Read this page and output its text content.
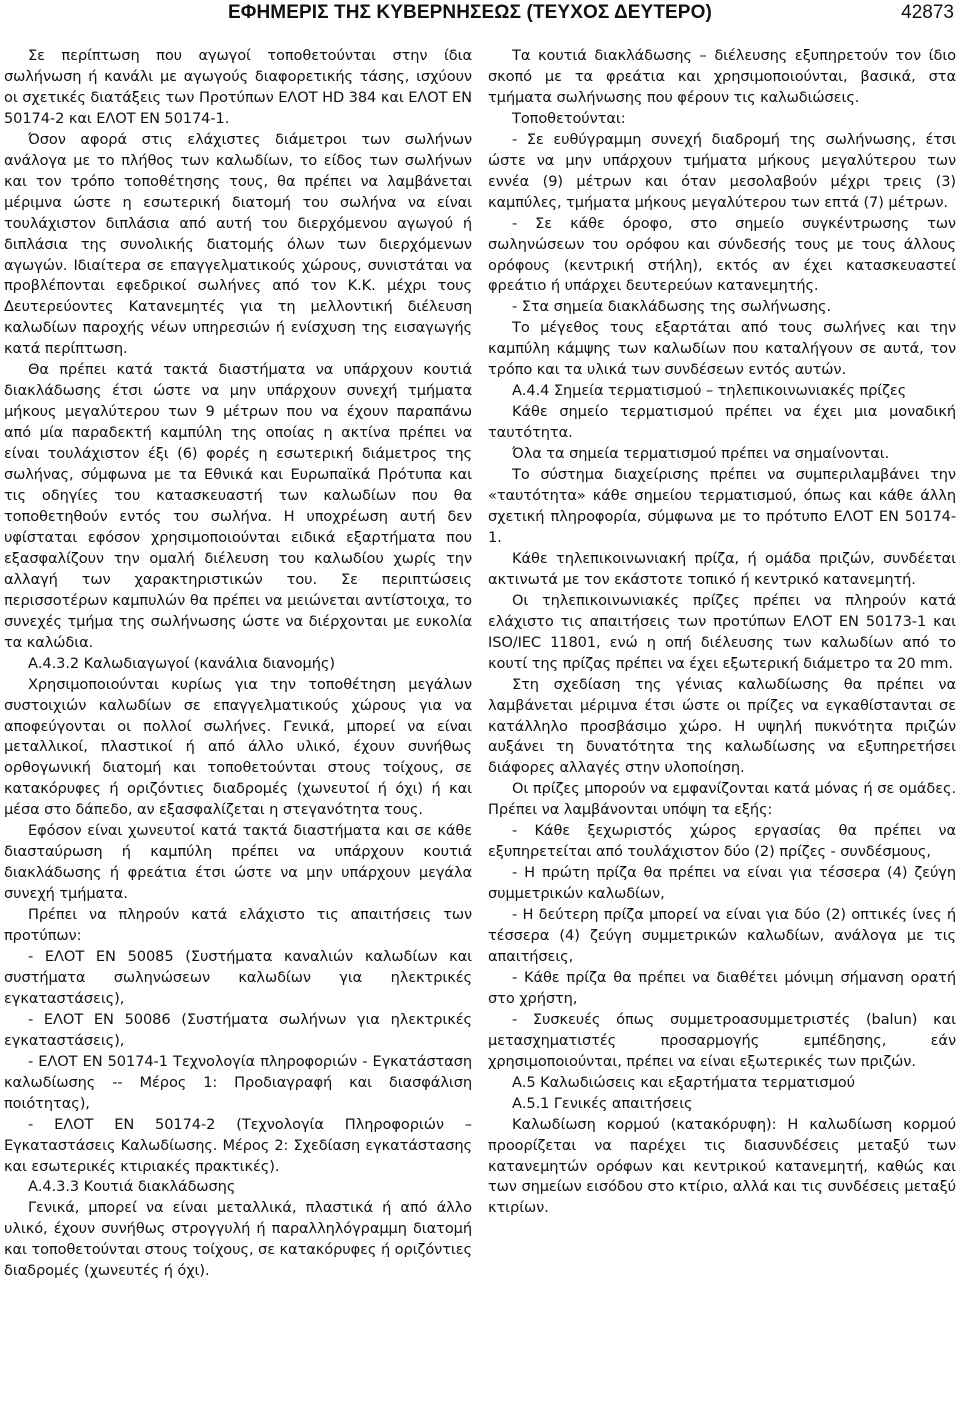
ΕΦΗΜΕΡΙΣ ΤΗΣ ΚΥΒΕΡΝΗΣΕΩΣ (ΤΕΥΧΟΣ ΔΕΥΤΕΡΟ)	42873

Σε περίπτωση που αγωγοί τοποθετούνται στην ίδια σωλήνωση ή κανάλι με αγωγούς διαφορετικής τάσης, ισχύουν οι σχετικές διατάξεις των Προτύπων ΕΛΟΤ HD 384 και ΕΛΟΤ EN 50174-2 και ΕΛΟΤ EN 50174-1.

Όσον αφορά στις ελάχιστες διάμετροι των σωλήνων ανάλογα με το πλήθος των καλωδίων, το είδος των σωλήνων και τον τρόπο τοποθέτησης τους, θα πρέπει να λαμβάνεται μέριμνα ώστε η εσωτερική διατομή του σωλήνα να είναι τουλάχιστον διπλάσια από αυτή του διερχόμενου αγωγού ή διπλάσια της συνολικής διατομής όλων των διερχόμενων αγωγών. Ιδιαίτερα σε επαγγελματικούς χώρους, συνιστάται να προβλέπονται εφεδρικοί σωλήνες από τον Κ.Κ. μέχρι τους Δευτερεύοντες Κατανεμητές για τη μελλοντική διέλευση καλωδίων παροχής νέων υπηρεσιών ή ενίσχυση της εισαγωγής κατά περίπτωση.

Θα πρέπει κατά τακτά διαστήματα να υπάρχουν κουτιά διακλάδωσης έτσι ώστε να μην υπάρχουν συνεχή τμήματα μήκους μεγαλύτερου των 9 μέτρων που να έχουν παραπάνω από μία παραδεκτή καμπύλη της οποίας η ακτίνα πρέπει να είναι τουλάχιστον έξι (6) φορές η εσωτερική διάμετρος της σωλήνας, σύμφωνα με τα Εθνικά και Ευρωπαϊκά Πρότυπα και τις οδηγίες του κατασκευαστή των καλωδίων που θα τοποθετηθούν εντός του σωλήνα. Η υποχρέωση αυτή δεν υφίσταται εφόσον χρησιμοποιούνται ειδικά εξαρτήματα που εξασφαλίζουν την ομαλή διέλευση του καλωδίου χωρίς την αλλαγή των χαρακτηριστικών του. Σε περιπτώσεις περισσοτέρων καμπυλών θα πρέπει να μειώνεται αντίστοιχα, το συνεχές τμήμα της σωλήνωσης ώστε να διέρχονται με ευκολία τα καλώδια.

Α.4.3.2 Καλωδιαγωγοί (κανάλια διανομής)

Χρησιμοποιούνται κυρίως για την τοποθέτηση μεγάλων συστοιχιών καλωδίων σε επαγγελματικούς χώρους για να αποφεύγονται οι πολλοί σωλήνες. Γενικά, μπορεί να είναι μεταλλικοί, πλαστικοί ή από άλλο υλικό, έχουν συνήθως ορθογωνική διατομή και τοποθετούνται στους τοίχους, σε κατακόρυφες ή οριζόντιες διαδρομές (χωνευτοί ή όχι) ή και μέσα στο δάπεδο, αν εξασφαλίζεται η στεγανότητα τους.

Εφόσον είναι χωνευτοί κατά τακτά διαστήματα και σε κάθε διασταύρωση ή καμπύλη πρέπει να υπάρχουν κουτιά διακλάδωσης ή φρεάτια έτσι ώστε να μην υπάρχουν μεγάλα συνεχή τμήματα.

Πρέπει να πληρούν κατά ελάχιστο τις απαιτήσεις των προτύπων:

- ΕΛΟΤ ΕΝ 50085 (Συστήματα καναλιών καλωδίων και συστήματα σωληνώσεων καλωδίων για ηλεκτρικές εγκαταστάσεις),

- ΕΛΟΤ ΕΝ 50086 (Συστήματα σωλήνων για ηλεκτρικές εγκαταστάσεις),

- ΕΛΟΤ ΕΝ 50174-1 Τεχνολογία πληροφοριών - Εγκατάσταση καλωδίωσης -- Μέρος 1: Προδιαγραφή και διασφάλιση ποιότητας),

- ΕΛΟΤ ΕΝ 50174-2 (Τεχνολογία Πληροφοριών – Εγκαταστάσεις Καλωδίωσης. Μέρος 2: Σχεδίαση εγκατάστασης και εσωτερικές κτιριακές πρακτικές).

Α.4.3.3 Κουτιά διακλάδωσης

Γενικά, μπορεί να είναι μεταλλικά, πλαστικά ή από άλλο υλικό, έχουν συνήθως στρογγυλή ή παραλληλόγραμμη διατομή και τοποθετούνται στους τοίχους, σε κατακόρυφες ή οριζόντιες διαδρομές (χωνευτές ή όχι).

Τα κουτιά διακλάδωσης – διέλευσης εξυπηρετούν τον ίδιο σκοπό με τα φρεάτια και χρησιμοποιούνται, βασικά, στα τμήματα σωλήνωσης που φέρουν τις καλωδιώσεις.

Τοποθετούνται:

- Σε ευθύγραμμη συνεχή διαδρομή της σωλήνωσης, έτσι ώστε να μην υπάρχουν τμήματα μήκους μεγαλύτερου των εννέα (9) μέτρων και όταν μεσολαβούν μέχρι τρεις (3) καμπύλες, τμήματα μήκους μεγαλύτερου των επτά (7) μέτρων.

- Σε κάθε όροφο, στο σημείο συγκέντρωσης των σωληνώσεων του ορόφου και σύνδεσής τους με τους άλλους ορόφους (κεντρική στήλη), εκτός αν έχει κατασκευαστεί φρεάτιο ή υπάρχει δευτερεύων κατανεμητής.

- Στα σημεία διακλάδωσης της σωλήνωσης.

Το μέγεθος τους εξαρτάται από τους σωλήνες και την καμπύλη κάμψης των καλωδίων που καταλήγουν σε αυτά, τον τρόπο και τα υλικά των συνδέσεων εντός αυτών.

Α.4.4 Σημεία τερματισμού – τηλεπικοινωνιακές πρίζες

Κάθε σημείο τερματισμού πρέπει να έχει μια μοναδική ταυτότητα.

Όλα τα σημεία τερματισμού πρέπει να σημαίνονται.

Το σύστημα διαχείρισης πρέπει να συμπεριλαμβάνει την «ταυτότητα» κάθε σημείου τερματισμού, όπως και κάθε άλλη σχετική πληροφορία, σύμφωνα με το πρότυπο ΕΛΟΤ ΕΝ 50174-1.

Κάθε τηλεπικοινωνιακή πρίζα, ή ομάδα πριζών, συνδέεται ακτινωτά με τον εκάστοτε τοπικό ή κεντρικό κατανεμητή.

Οι τηλεπικοινωνιακές πρίζες πρέπει να πληρούν κατά ελάχιστο τις απαιτήσεις των προτύπων ΕΛΟΤ ΕΝ 50173-1 και ISO/IEC 11801, ενώ η οπή διέλευσης των καλωδίων από το κουτί της πρίζας πρέπει να έχει εξωτερική διάμετρο τα 20 mm.

Στη σχεδίαση της γένιας καλωδίωσης θα πρέπει να λαμβάνεται μέριμνα έτσι ώστε οι πρίζες να εγκαθίστανται σε κατάλληλο προσβάσιμο χώρο. Η υψηλή πυκνότητα πριζών αυξάνει τη δυνατότητα της καλωδίωσης να εξυπηρετήσει διάφορες αλλαγές στην υλοποίηση.

Οι πρίζες μπορούν να εμφανίζονται κατά μόνας ή σε ομάδες. Πρέπει να λαμβάνονται υπόψη τα εξής:

- Κάθε ξεχωριστός χώρος εργασίας θα πρέπει να εξυπηρετείται από τουλάχιστον δύο (2) πρίζες - συνδέσμους,

- Η πρώτη πρίζα θα πρέπει να είναι για τέσσερα (4) ζεύγη συμμετρικών καλωδίων,

- Η δεύτερη πρίζα μπορεί να είναι για δύο (2) οπτικές ίνες ή τέσσερα (4) ζεύγη συμμετρικών καλωδίων, ανάλογα με τις απαιτήσεις,

- Κάθε πρίζα θα πρέπει να διαθέτει μόνιμη σήμανση ορατή στο χρήστη,

- Συσκευές όπως συμμετροασυμμετριστές (balun) και μετασχηματιστές προσαρμογής εμπέδησης, εάν χρησιμοποιούνται, πρέπει να είναι εξωτερικές των πριζών.

Α.5 Καλωδιώσεις και εξαρτήματα τερματισμού

Α.5.1 Γενικές απαιτήσεις

Καλωδίωση κορμού (κατακόρυφη): Η καλωδίωση κορμού προορίζεται να παρέχει τις διασυνδέσεις μεταξύ των κατανεμητών ορόφων και κεντρικού κατανεμητή, καθώς και των σημείων εισόδου στο κτίριο, αλλά και τις συνδέσεις μεταξύ κτιρίων.
